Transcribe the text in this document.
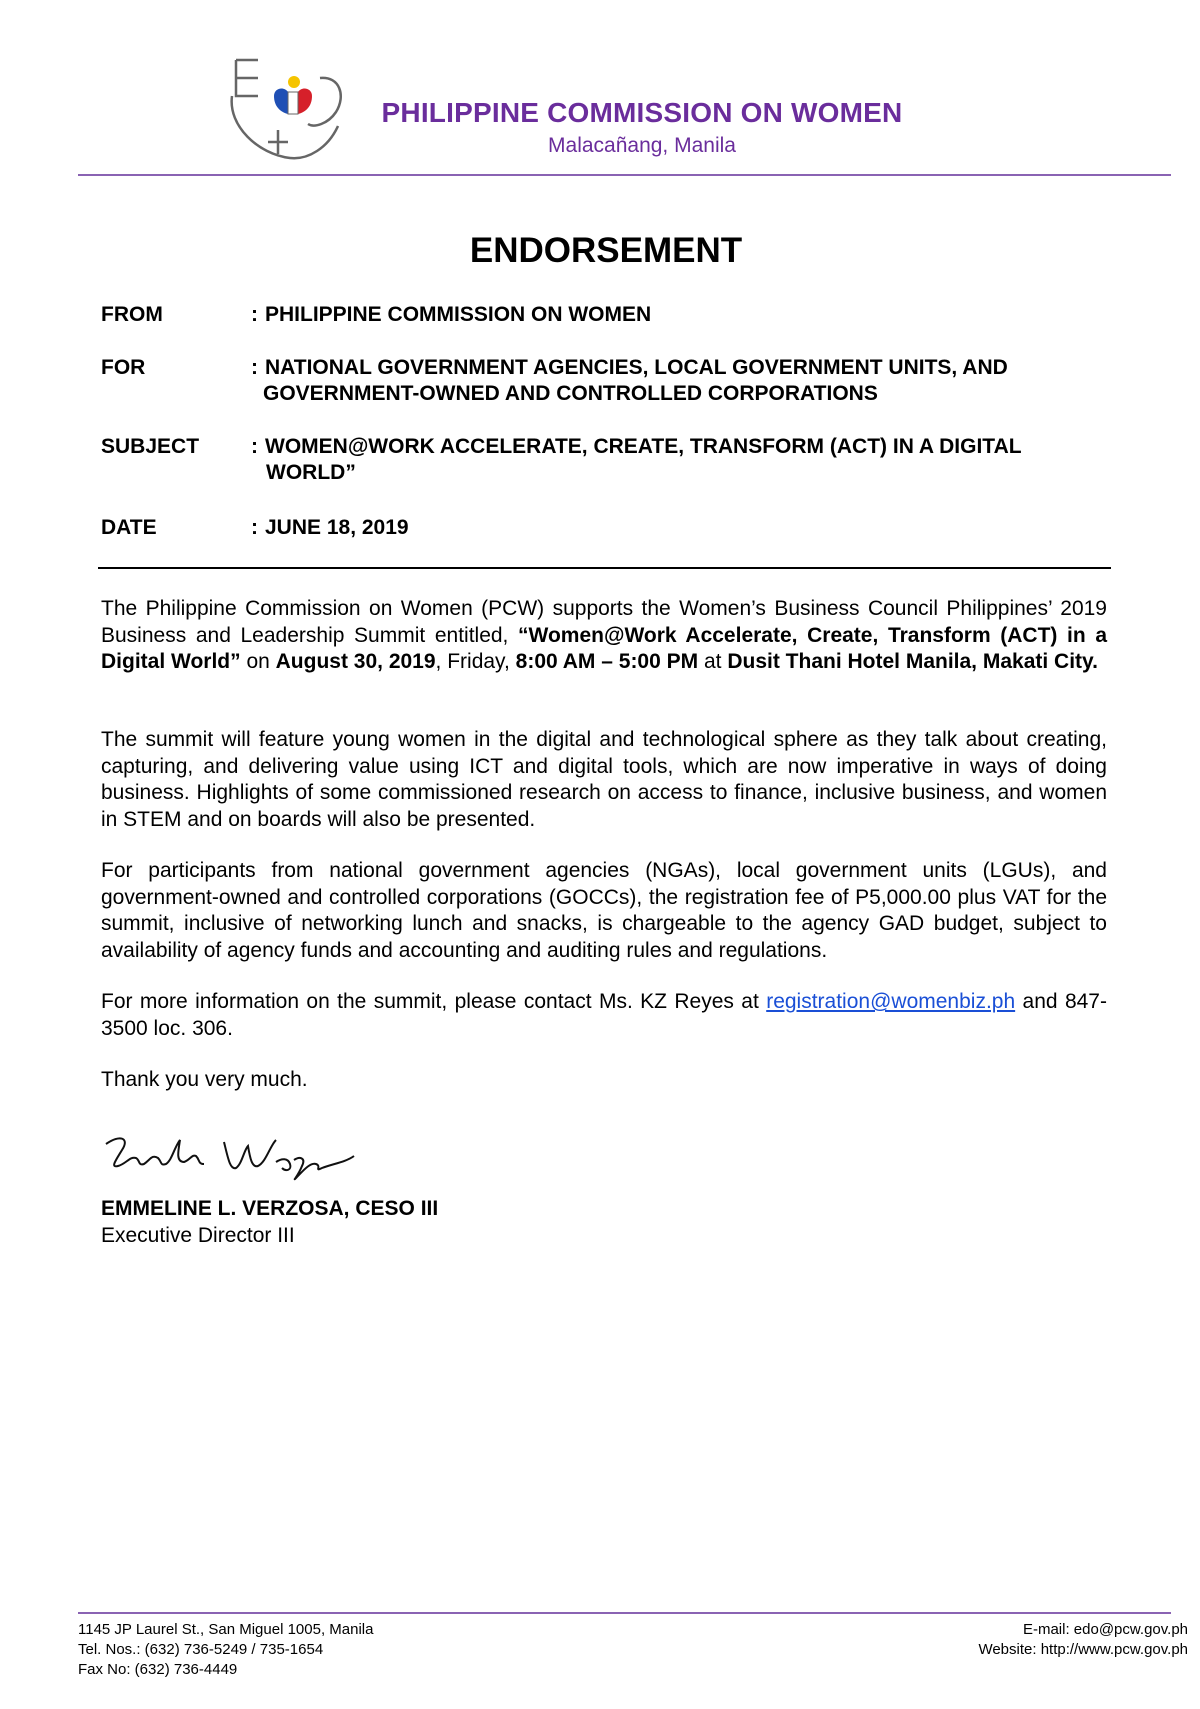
PHILIPPINE COMMISSION ON WOMEN
Malacañang, Manila
ENDORSEMENT
FROM	: PHILIPPINE COMMISSION ON WOMEN
FOR	: NATIONAL GOVERNMENT AGENCIES, LOCAL GOVERNMENT UNITS, AND
GOVERNMENT-OWNED AND CONTROLLED CORPORATIONS
SUBJECT : WOMEN@WORK ACCELERATE, CREATE, TRANSFORM (ACT) IN A DIGITAL
WORLD”
DATE	: JUNE 18, 2019

The Philippine Commission on Women (PCW) supports the Women’s Business Council Philippines’ 2019 Business and Leadership Summit entitled, “Women@Work Accelerate, Create, Transform (ACT) in a Digital World” on August 30, 2019, Friday, 8:00 AM – 5:00 PM at Dusit Thani Hotel Manila, Makati City.

The summit will feature young women in the digital and technological sphere as they talk about creating, capturing, and delivering value using ICT and digital tools, which are now imperative in ways of doing business. Highlights of some commissioned research on access to finance, inclusive business, and women in STEM and on boards will also be presented.

For participants from national government agencies (NGAs), local government units (LGUs), and government-owned and controlled corporations (GOCCs), the registration fee of P5,000.00 plus VAT for the summit, inclusive of networking lunch and snacks, is chargeable to the agency GAD budget, subject to availability of agency funds and accounting and auditing rules and regulations.

For more information on the summit, please contact Ms. KZ Reyes at registration@womenbiz.ph and 847-3500 loc. 306.

Thank you very much.

EMMELINE L. VERZOSA, CESO III
Executive Director III
1145 JP Laurel St., San Miguel 1005, Manila
Tel. Nos.: (632) 736-5249 / 735-1654
Fax No: (632) 736-4449
E-mail: edo@pcw.gov.ph
Website: http://www.pcw.gov.ph
